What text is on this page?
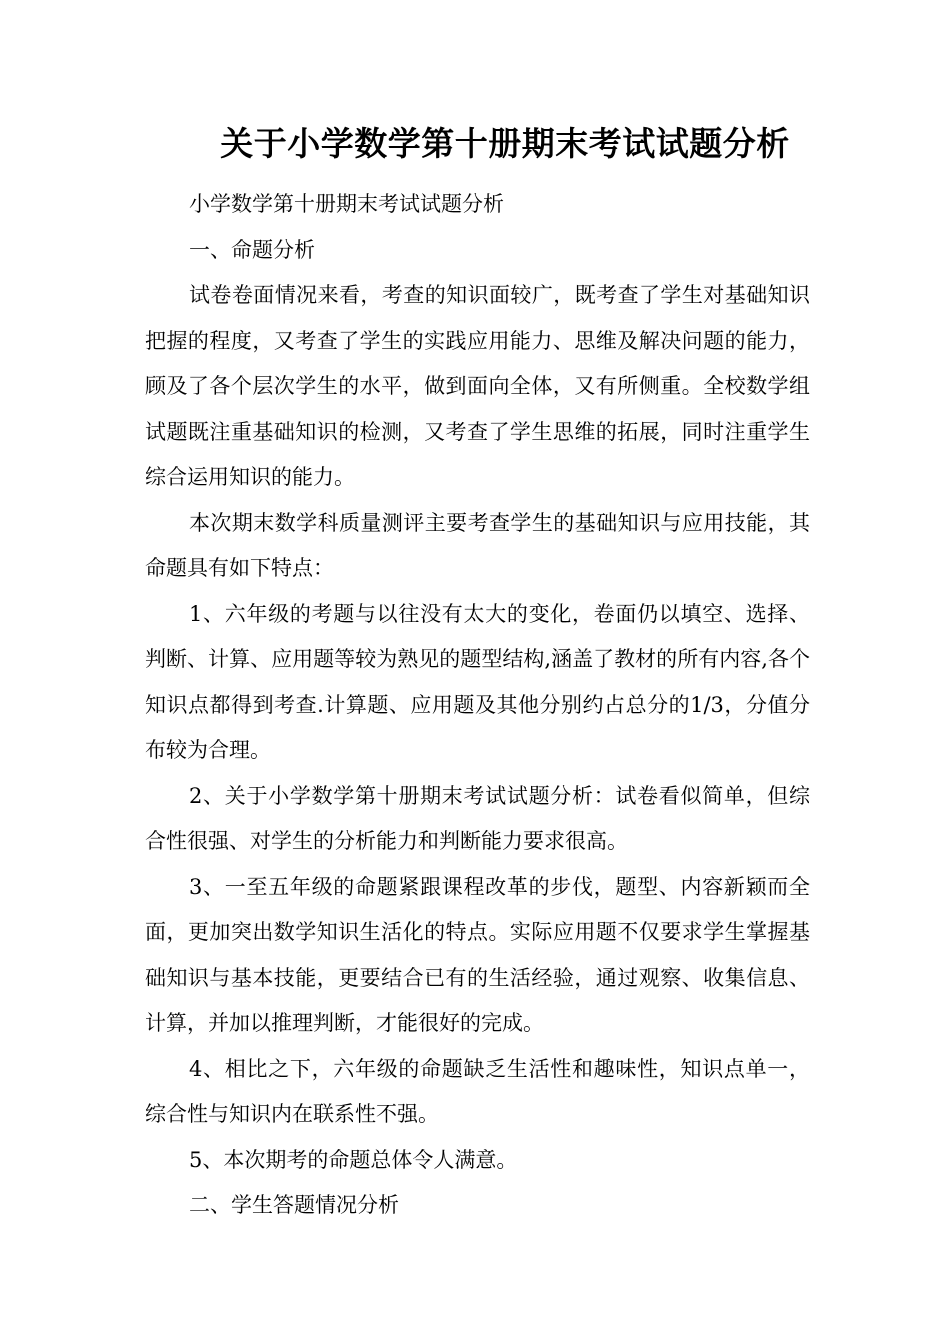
关于小学数学第十册期末考试试题分析

小学数学第十册期末考试试题分析

一、命题分析

试卷卷面情况来看，考查的知识面较广，既考查了学生对基础知识把握的程度，又考查了学生的实践应用能力、思维及解决问题的能力，顾及了各个层次学生的水平，做到面向全体，又有所侧重。全校数学组试题既注重基础知识的检测，又考查了学生思维的拓展，同时注重学生综合运用知识的能力。

本次期末数学科质量测评主要考查学生的基础知识与应用技能，其命题具有如下特点：

1、六年级的考题与以往没有太大的变化，卷面仍以填空、选择、判断、计算、应用题等较为熟见的题型结构,涵盖了教材的所有内容,各个知识点都得到考查.计算题、应用题及其他分别约占总分的1/3，分值分布较为合理。

2、关于小学数学第十册期末考试试题分析：试卷看似简单，但综合性很强、对学生的分析能力和判断能力要求很高。

3、一至五年级的命题紧跟课程改革的步伐，题型、内容新颖而全面，更加突出数学知识生活化的特点。实际应用题不仅要求学生掌握基础知识与基本技能，更要结合已有的生活经验，通过观察、收集信息、计算，并加以推理判断，才能很好的完成。

4、相比之下，六年级的命题缺乏生活性和趣味性，知识点单一，综合性与知识内在联系性不强。

5、本次期考的命题总体令人满意。

二、学生答题情况分析
